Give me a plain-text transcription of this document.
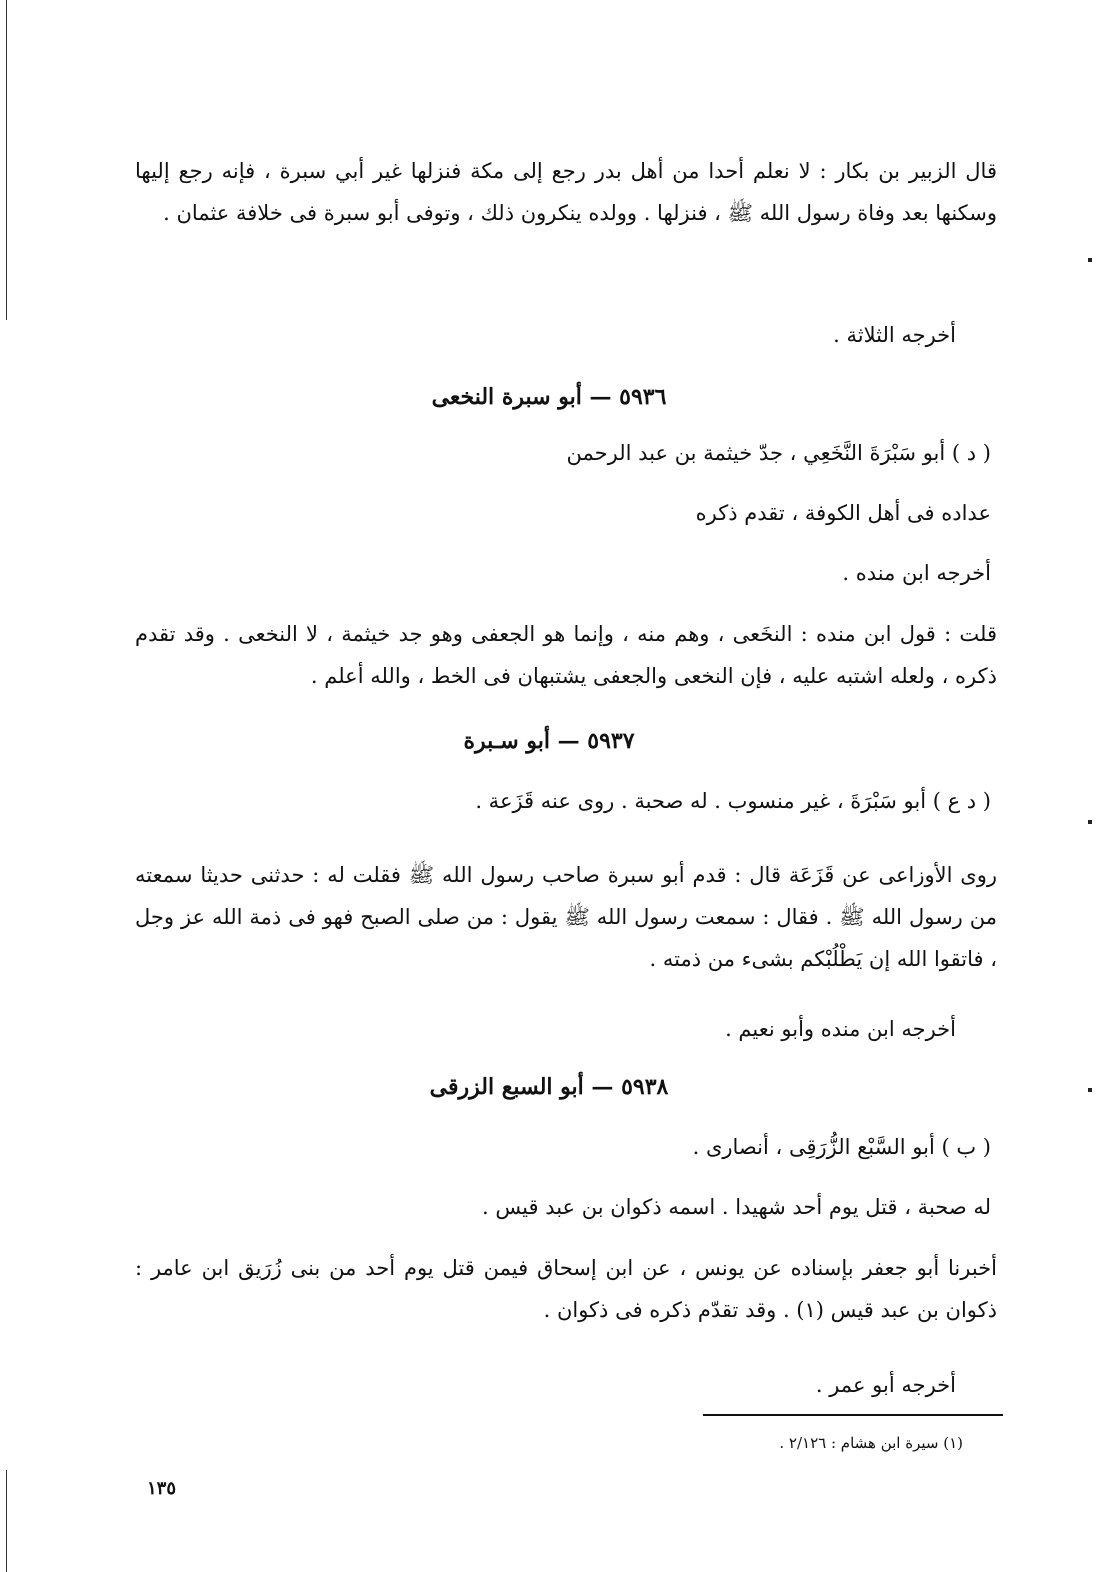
قال الزبير بن بكار : لا نعلم أحدا من أهل بدر رجع إلى مكة فنزلها غير أبي سبرة ، فإنه رجع إليها وسكنها بعد وفاة رسول الله ﷺ ، فنزلها . وولده ينكرون ذلك ، وتوفى أبو سبرة فى خلافة عثمان .
أخرجه الثلاثة .
٥٩٣٦ — أبو سبرة النخعى
( د ) أبو سَبْرَةَ النَّخَعِي ، جدّ خيثمة بن عبد الرحمن
عداده فى أهل الكوفة ، تقدم ذكره
أخرجه ابن منده .
قلت : قول ابن منده : النخَعى ، وهم منه ، وإنما هو الجعفى وهو جد خيثمة ، لا النخعى . وقد تقدم ذكره ، ولعله اشتبه عليه ، فإن النخعى والجعفى يشتبهان فى الخط ، والله أعلم .
٥٩٣٧ — أبو سـبرة
( د ع ) أبو سَبْرَةَ ، غير منسوب . له صحبة . روى عنه قَزَعة .
روى الأوزاعى عن قَزَعَة قال : قدم أبو سبرة صاحب رسول الله ﷺ فقلت له : حدثنى حديثا سمعته من رسول الله ﷺ . فقال : سمعت رسول الله ﷺ يقول : من صلى الصبح فهو فى ذمة الله عز وجل ، فاتقوا الله إن يَطْلُبْكم بشىء من ذمته .
أخرجه ابن منده وأبو نعيم .
٥٩٣٨ — أبو السبع الزرقى
( ب ) أبو السَّبْع الزُّرَقِى ، أنصارى .
له صحبة ، قتل يوم أحد شهيدا . اسمه ذكوان بن عبد قيس .
أخبرنا أبو جعفر بإسناده عن يونس ، عن ابن إسحاق فيمن قتل يوم أحد من بنى زُرَيق ابن عامر : ذكوان بن عبد قيس (١) . وقد تقدّم ذكره فى ذكوان .
أخرجه أبو عمر .
(١) سيرة ابن هشام : ٢/١٢٦ .
١٣٥
